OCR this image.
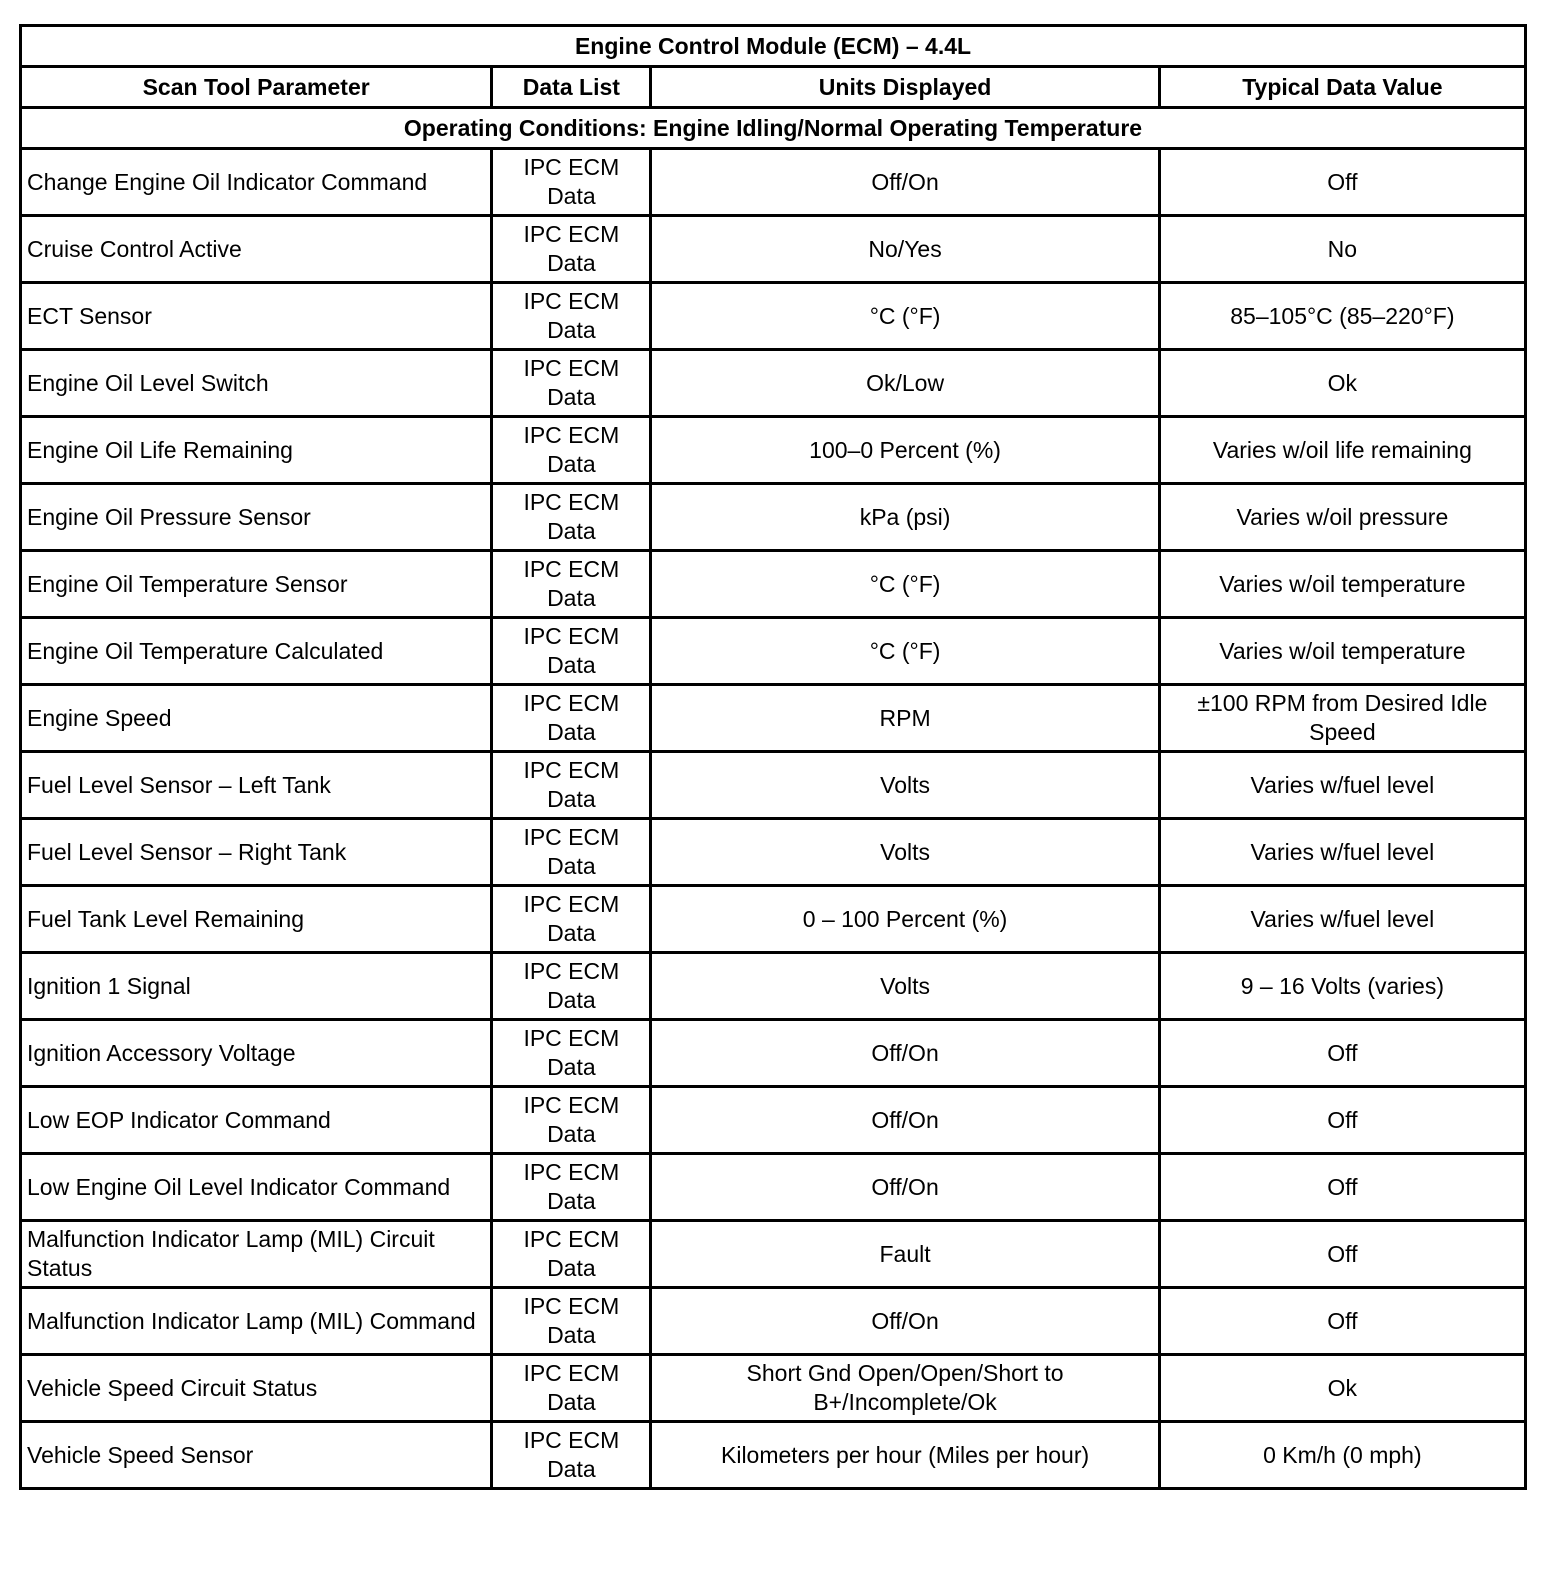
Engine Control Module (ECM) – 4.4L			
Scan Tool Parameter	Data List	Units Displayed	Typical Data Value
Operating Conditions: Engine Idling/Normal Operating Temperature			
Change Engine Oil Indicator Command	IPC ECM Data	Off/On	Off
Cruise Control Active	IPC ECM Data	No/Yes	No
ECT Sensor	IPC ECM Data	°C (°F)	85–105°C (85–220°F)
Engine Oil Level Switch	IPC ECM Data	Ok/Low	Ok
Engine Oil Life Remaining	IPC ECM Data	100–0 Percent (%)	Varies w/oil life remaining
Engine Oil Pressure Sensor	IPC ECM Data	kPa (psi)	Varies w/oil pressure
Engine Oil Temperature Sensor	IPC ECM Data	°C (°F)	Varies w/oil temperature
Engine Oil Temperature Calculated	IPC ECM Data	°C (°F)	Varies w/oil temperature
Engine Speed	IPC ECM Data	RPM	±100 RPM from Desired Idle Speed
Fuel Level Sensor – Left Tank	IPC ECM Data	Volts	Varies w/fuel level
Fuel Level Sensor – Right Tank	IPC ECM Data	Volts	Varies w/fuel level
Fuel Tank Level Remaining	IPC ECM Data	0 – 100 Percent (%)	Varies w/fuel level
Ignition 1 Signal	IPC ECM Data	Volts	9 – 16 Volts (varies)
Ignition Accessory Voltage	IPC ECM Data	Off/On	Off
Low EOP Indicator Command	IPC ECM Data	Off/On	Off
Low Engine Oil Level Indicator Command	IPC ECM Data	Off/On	Off
Malfunction Indicator Lamp (MIL) Circuit Status	IPC ECM Data	Fault	Off
Malfunction Indicator Lamp (MIL) Command	IPC ECM Data	Off/On	Off
Vehicle Speed Circuit Status	IPC ECM Data	Short Gnd Open/Open/Short to B+/Incomplete/Ok	Ok
Vehicle Speed Sensor	IPC ECM Data	Kilometers per hour (Miles per hour)	0 Km/h (0 mph)
